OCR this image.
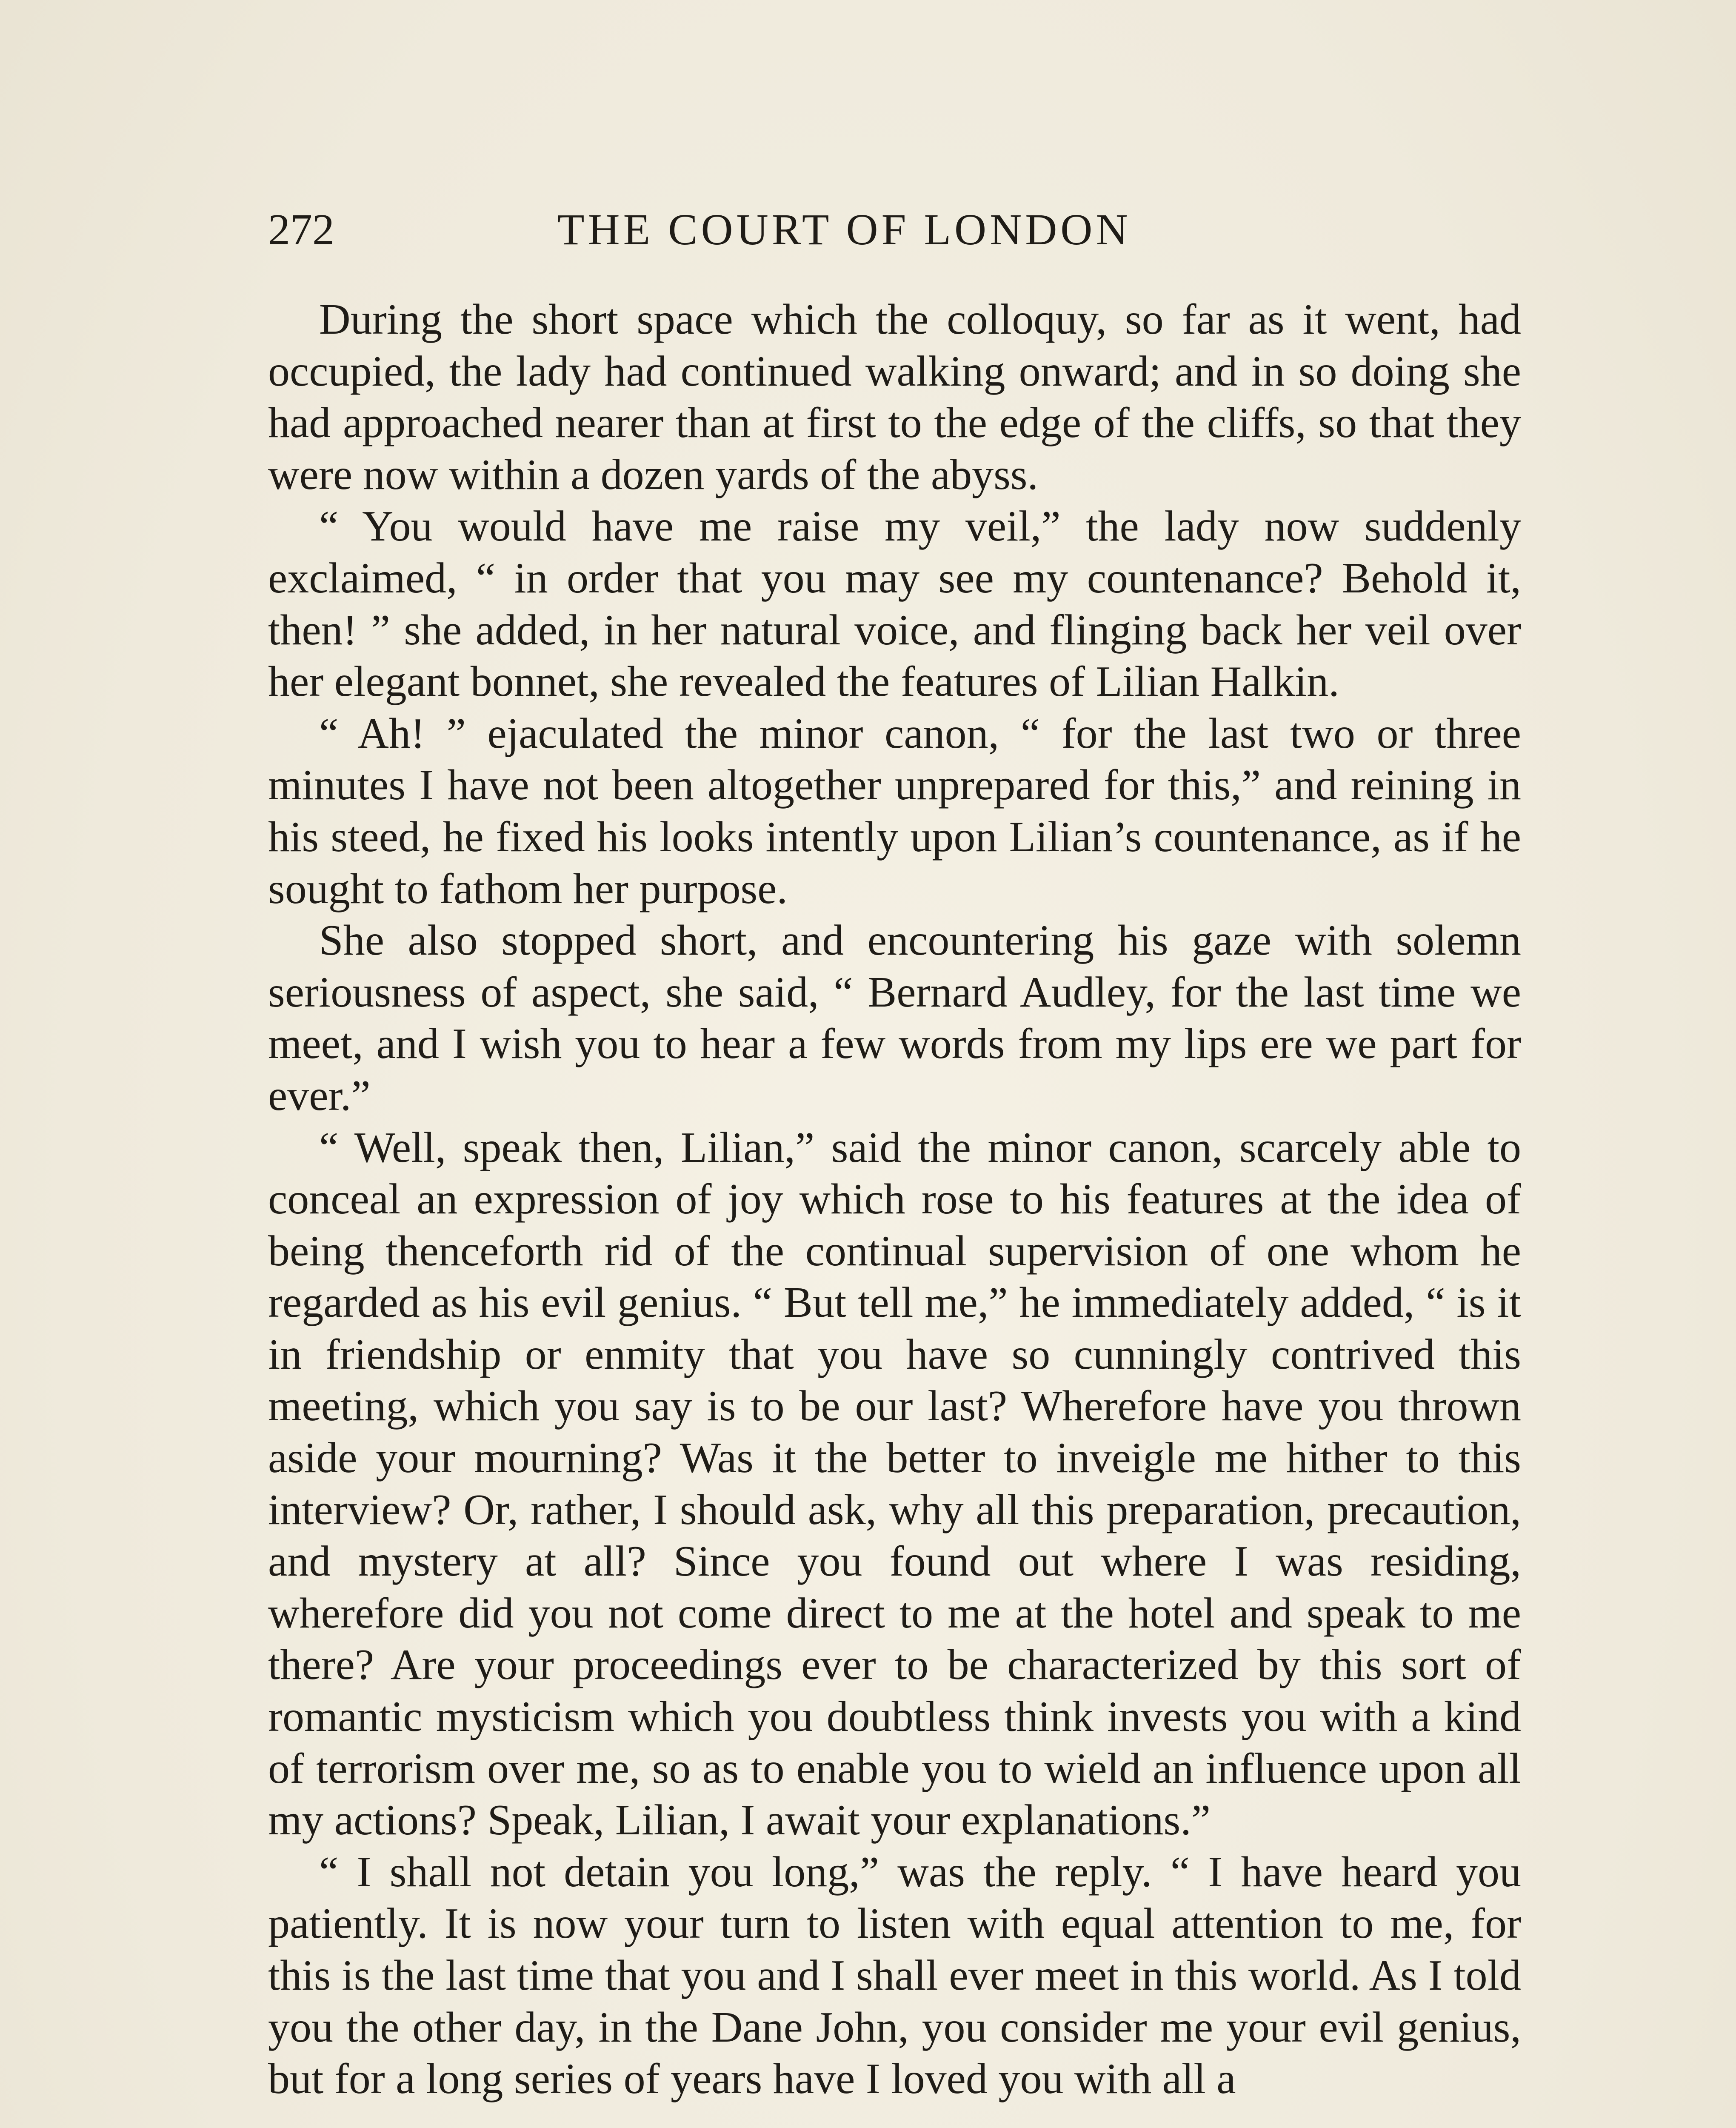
272	THE COURT OF LONDON

During the short space which the colloquy, so far as it went, had occupied, the lady had continued walking onward; and in so doing she had approached nearer than at first to the edge of the cliffs, so that they were now within a dozen yards of the abyss.

“ You would have me raise my veil,” the lady now suddenly exclaimed, “ in order that you may see my countenance? Behold it, then! ” she added, in her natural voice, and flinging back her veil over her elegant bonnet, she revealed the features of Lilian Halkin.

“ Ah! ” ejaculated the minor canon, “ for the last two or three minutes I have not been altogether unprepared for this,” and reining in his steed, he fixed his looks intently upon Lilian’s countenance, as if he sought to fathom her purpose.

She also stopped short, and encountering his gaze with solemn seriousness of aspect, she said, “ Bernard Audley, for the last time we meet, and I wish you to hear a few words from my lips ere we part for ever.”

“ Well, speak then, Lilian,” said the minor canon, scarcely able to conceal an expression of joy which rose to his features at the idea of being thenceforth rid of the continual supervision of one whom he regarded as his evil genius. “ But tell me,” he immediately added, “ is it in friendship or enmity that you have so cunningly contrived this meeting, which you say is to be our last? Wherefore have you thrown aside your mourning? Was it the better to inveigle me hither to this interview? Or, rather, I should ask, why all this preparation, precaution, and mystery at all? Since you found out where I was residing, wherefore did you not come direct to me at the hotel and speak to me there? Are your proceedings ever to be characterized by this sort of romantic mysticism which you doubtless think invests you with a kind of terrorism over me, so as to enable you to wield an influence upon all my actions? Speak, Lilian, I await your explanations.”

“ I shall not detain you long,” was the reply. “ I have heard you patiently. It is now your turn to listen with equal attention to me, for this is the last time that you and I shall ever meet in this world. As I told you the other day, in the Dane John, you consider me your evil genius, but for a long series of years have I loved you with all a
